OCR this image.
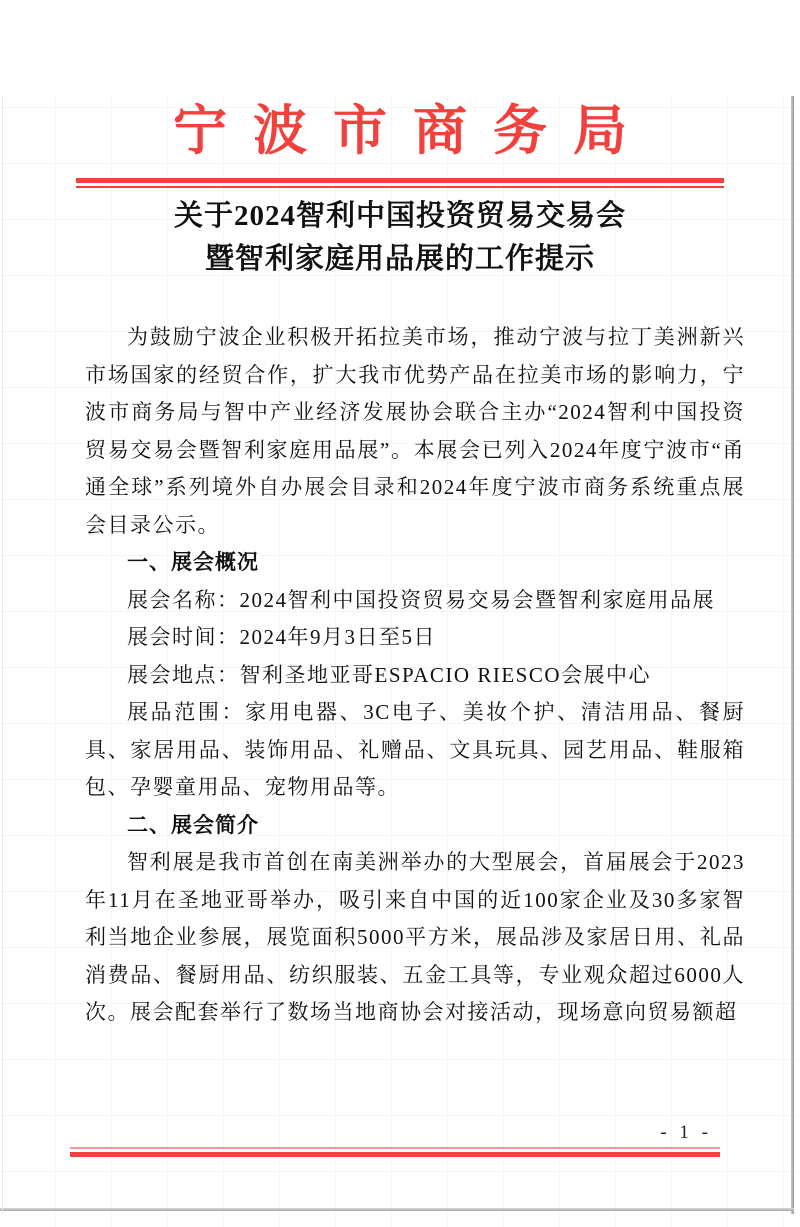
宁波市商务局
关于2024智利中国投资贸易交易会
暨智利家庭用品展的工作提示

为鼓励宁波企业积极开拓拉美市场，推动宁波与拉丁美洲新兴市场国家的经贸合作，扩大我市优势产品在拉美市场的影响力，宁波市商务局与智中产业经济发展协会联合主办“2024智利中国投资贸易交易会暨智利家庭用品展”。本展会已列入2024年度宁波市“甬通全球”系列境外自办展会目录和2024年度宁波市商务系统重点展会目录公示。

一、展会概况

展会名称：2024智利中国投资贸易交易会暨智利家庭用品展

展会时间：2024年9月3日至5日

展会地点：智利圣地亚哥ESPACIO RIESCO会展中心

展品范围：家用电器、3C电子、美妆个护、清洁用品、餐厨具、家居用品、装饰用品、礼赠品、文具玩具、园艺用品、鞋服箱包、孕婴童用品、宠物用品等。

二、展会简介

智利展是我市首创在南美洲举办的大型展会，首届展会于2023年11月在圣地亚哥举办，吸引来自中国的近100家企业及30多家智利当地企业参展，展览面积5000平方米，展品涉及家居日用、礼品消费品、餐厨用品、纺织服装、五金工具等，专业观众超过6000人次。展会配套举行了数场当地商协会对接活动，现场意向贸易额超

- 1 -
